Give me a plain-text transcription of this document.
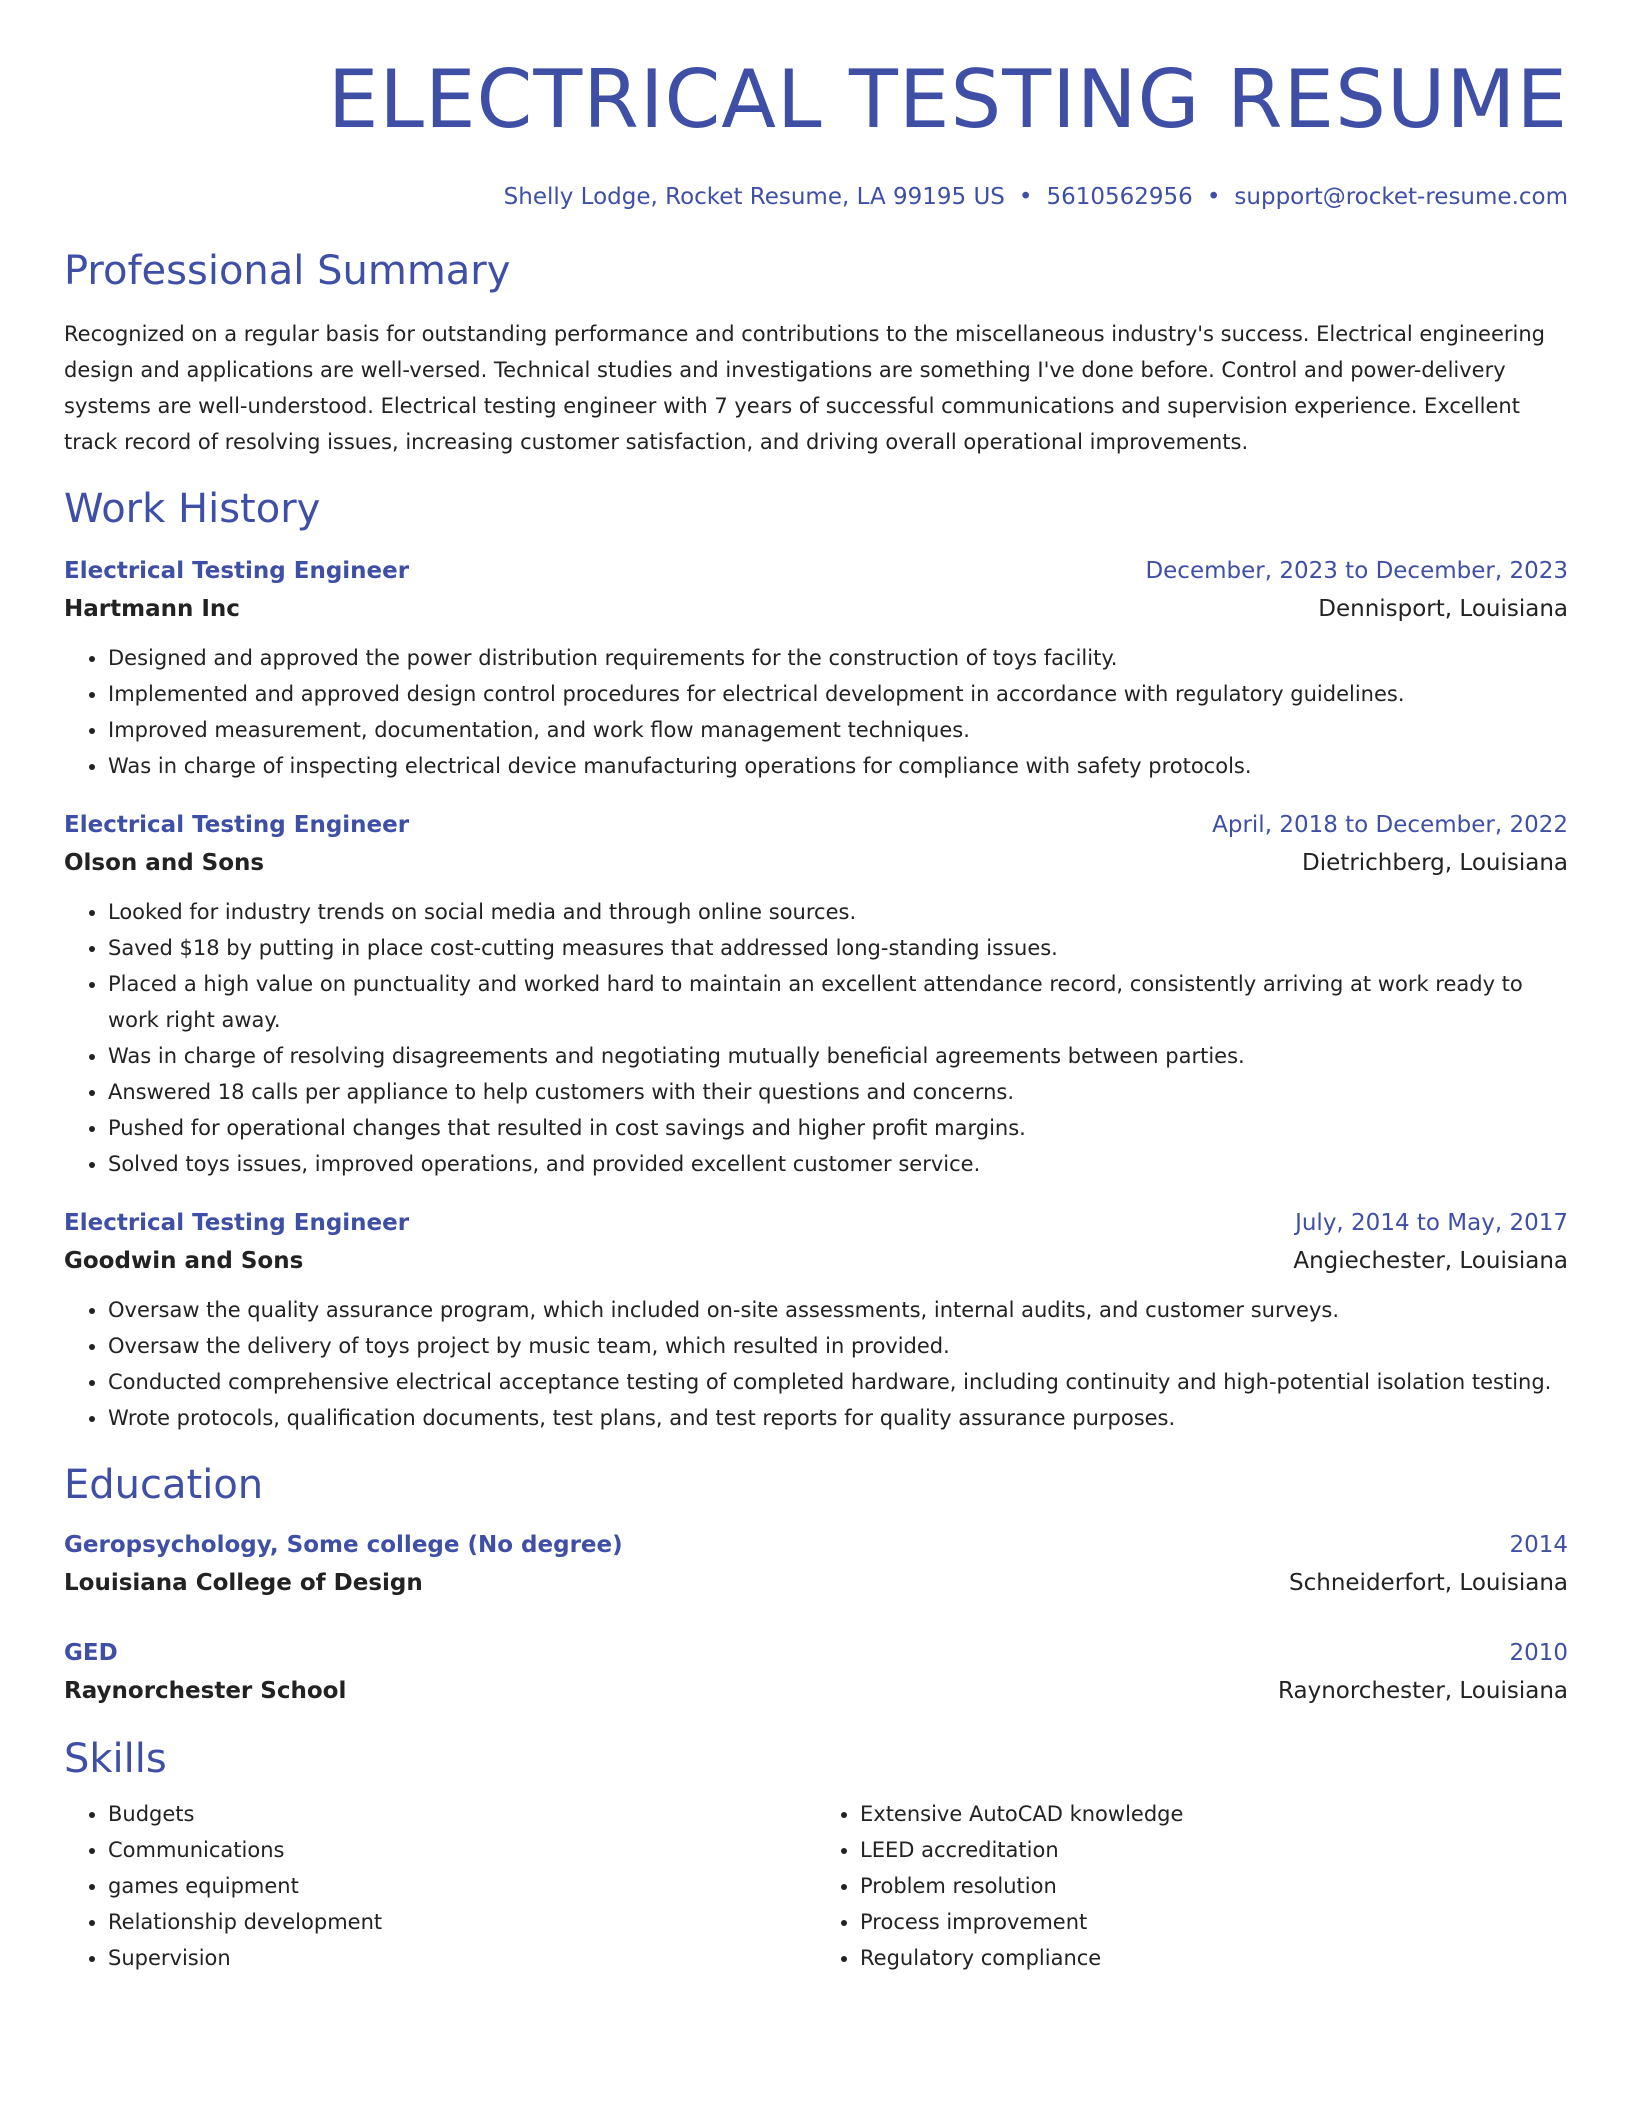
ELECTRICAL TESTING RESUME
Shelly Lodge, Rocket Resume, LA 99195 US • 5610562956 • support@rocket-resume.com
Professional Summary

Recognized on a regular basis for outstanding performance and contributions to the miscellaneous industry's success. Electrical engineering design and applications are well-versed. Technical studies and investigations are something I've done before. Control and power-delivery systems are well-understood. Electrical testing engineer with 7 years of successful communications and supervision experience. Excellent track record of resolving issues, increasing customer satisfaction, and driving overall operational improvements.

Work History
Electrical Testing Engineer	December, 2023 to December, 2023
Hartmann Inc	Dennisport, Louisiana
• Designed and approved the power distribution requirements for the construction of toys facility.
• Implemented and approved design control procedures for electrical development in accordance with regulatory guidelines.
• Improved measurement, documentation, and work flow management techniques.
• Was in charge of inspecting electrical device manufacturing operations for compliance with safety protocols.
Electrical Testing Engineer	April, 2018 to December, 2022
Olson and Sons	Dietrichberg, Louisiana
• Looked for industry trends on social media and through online sources.
• Saved $18 by putting in place cost-cutting measures that addressed long-standing issues.
• Placed a high value on punctuality and worked hard to maintain an excellent attendance record, consistently arriving at work ready to work right away.
• Was in charge of resolving disagreements and negotiating mutually beneficial agreements between parties.
• Answered 18 calls per appliance to help customers with their questions and concerns.
• Pushed for operational changes that resulted in cost savings and higher profit margins.
• Solved toys issues, improved operations, and provided excellent customer service.
Electrical Testing Engineer	July, 2014 to May, 2017
Goodwin and Sons	Angiechester, Louisiana
• Oversaw the quality assurance program, which included on-site assessments, internal audits, and customer surveys.
• Oversaw the delivery of toys project by music team, which resulted in provided.
• Conducted comprehensive electrical acceptance testing of completed hardware, including continuity and high-potential isolation testing.
• Wrote protocols, qualification documents, test plans, and test reports for quality assurance purposes.
Education
Geropsychology, Some college (No degree)	2014
Louisiana College of Design	Schneiderfort, Louisiana
GED	2010
Raynorchester School	Raynorchester, Louisiana
Skills
• Budgets
• Communications
• games equipment
• Relationship development
• Supervision
• Extensive AutoCAD knowledge
• LEED accreditation
• Problem resolution
• Process improvement
• Regulatory compliance
